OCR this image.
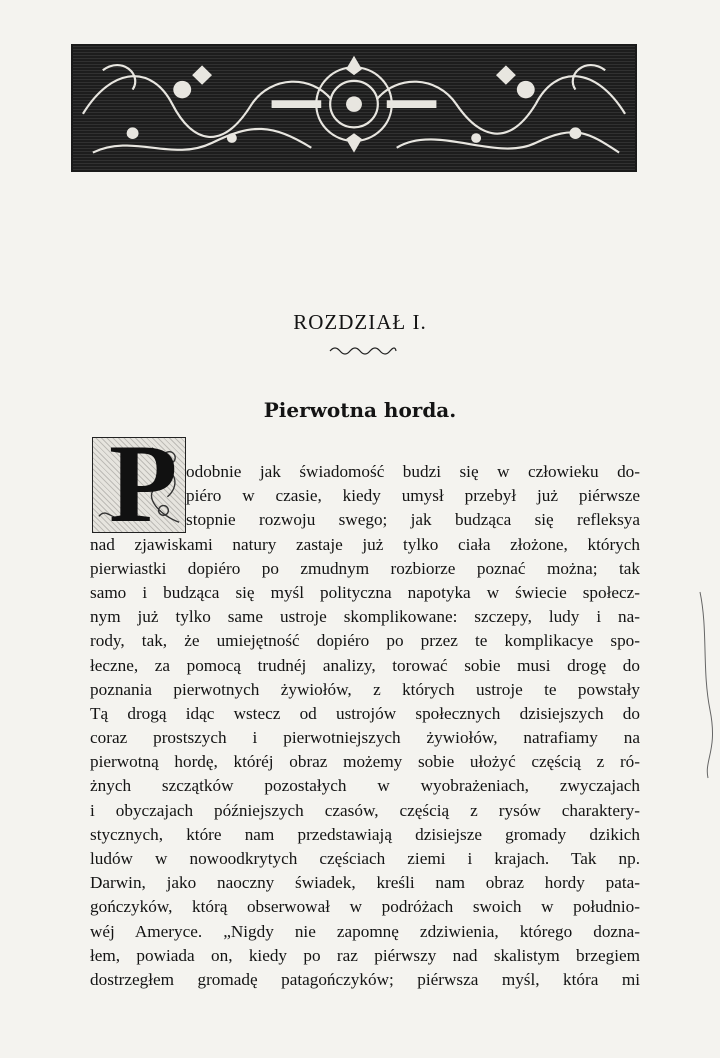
ROZDZIAŁ I.
Pierwotna horda.
P odobnie jak świadomość budzi się w człowieku do-
piéro w czasie, kiedy umysł przebył już piérwsze
stopnie rozwoju swego; jak budząca się refleksya
nad zjawiskami natury zastaje już tylko ciała złożone, których
pierwiastki dopiéro po zmudnym rozbiorze poznać można; tak
samo i budząca się myśl polityczna napotyka w świecie społecz-
nym już tylko same ustroje skomplikowane: szczepy, ludy i na-
rody, tak, że umiejętność dopiéro po przez te komplikacye spo-
łeczne, za pomocą trudnéj analizy, torować sobie musi drogę do
poznania pierwotnych żywiołów, z których ustroje te powstały
Tą drogą idąc wstecz od ustrojów społecznych dzisiejszych do
coraz prostszych i pierwotniejszych żywiołów, natrafiamy na
pierwotną hordę, któréj obraz możemy sobie ułożyć częścią z ró-
żnych szczątków pozostałych w wyobrażeniach, zwyczajach
i obyczajach późniejszych czasów, częścią z rysów charaktery-
stycznych, które nam przedstawiają dzisiejsze gromady dzikich
ludów w nowoodkrytych częściach ziemi i krajach. Tak np.
Darwin, jako naoczny świadek, kreśli nam obraz hordy pata-
gończyków, którą obserwował w podróżach swoich w południo-
wéj Ameryce. „Nigdy nie zapomnę zdziwienia, którego dozna-
łem, powiada on, kiedy po raz piérwszy nad skalistym brzegiem
dostrzegłem gromadę patagończyków; piérwsza myśl, która mi
